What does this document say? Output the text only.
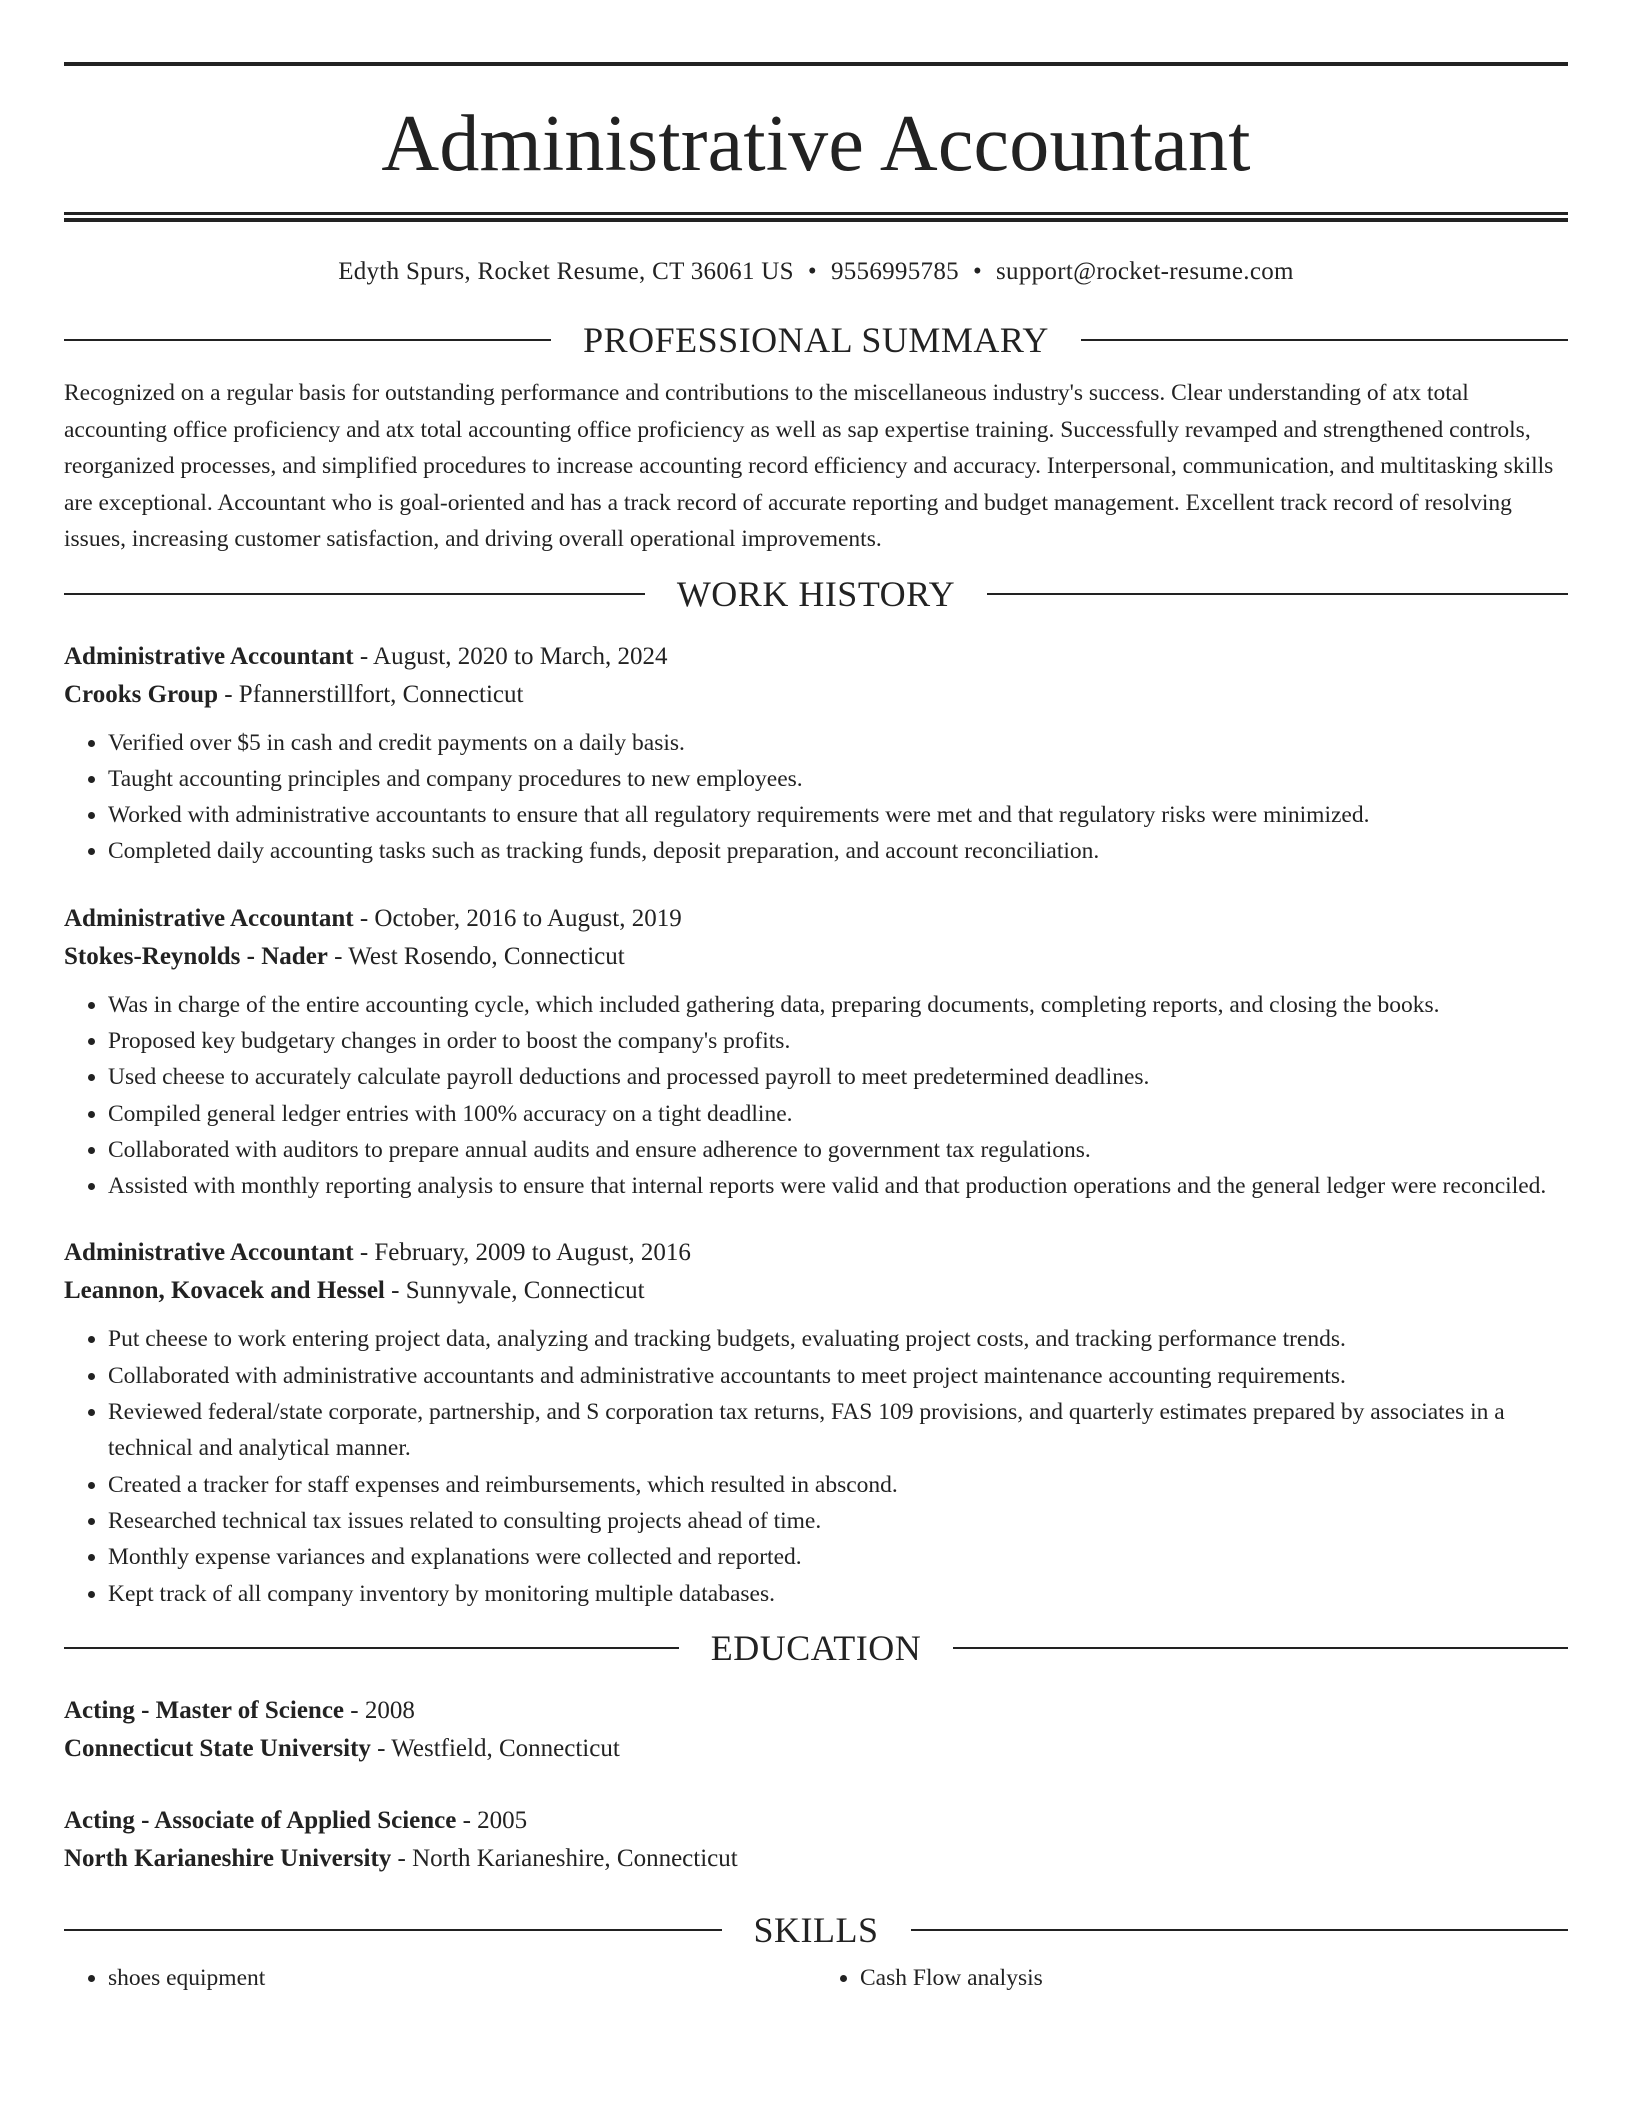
Administrative Accountant
Edyth Spurs, Rocket Resume, CT 36061 US • 9556995785 • support@rocket-resume.com
PROFESSIONAL SUMMARY

Recognized on a regular basis for outstanding performance and contributions to the miscellaneous industry's success. Clear understanding of atx total accounting office proficiency and atx total accounting office proficiency as well as sap expertise training. Successfully revamped and strengthened controls, reorganized processes, and simplified procedures to increase accounting record efficiency and accuracy. Interpersonal, communication, and multitasking skills are exceptional. Accountant who is goal-oriented and has a track record of accurate reporting and budget management. Excellent track record of resolving issues, increasing customer satisfaction, and driving overall operational improvements.

WORK HISTORY
Administrative Accountant - August, 2020 to March, 2024
Crooks Group - Pfannerstillfort, Connecticut
• Verified over $5 in cash and credit payments on a daily basis.
• Taught accounting principles and company procedures to new employees.
• Worked with administrative accountants to ensure that all regulatory requirements were met and that regulatory risks were minimized.
• Completed daily accounting tasks such as tracking funds, deposit preparation, and account reconciliation.
Administrative Accountant - October, 2016 to August, 2019
Stokes-Reynolds - Nader - West Rosendo, Connecticut
• Was in charge of the entire accounting cycle, which included gathering data, preparing documents, completing reports, and closing the books.
• Proposed key budgetary changes in order to boost the company's profits.
• Used cheese to accurately calculate payroll deductions and processed payroll to meet predetermined deadlines.
• Compiled general ledger entries with 100% accuracy on a tight deadline.
• Collaborated with auditors to prepare annual audits and ensure adherence to government tax regulations.
• Assisted with monthly reporting analysis to ensure that internal reports were valid and that production operations and the general ledger were reconciled.
Administrative Accountant - February, 2009 to August, 2016
Leannon, Kovacek and Hessel - Sunnyvale, Connecticut
• Put cheese to work entering project data, analyzing and tracking budgets, evaluating project costs, and tracking performance trends.
• Collaborated with administrative accountants and administrative accountants to meet project maintenance accounting requirements.
• Reviewed federal/state corporate, partnership, and S corporation tax returns, FAS 109 provisions, and quarterly estimates prepared by associates in a technical and analytical manner.
• Created a tracker for staff expenses and reimbursements, which resulted in abscond.
• Researched technical tax issues related to consulting projects ahead of time.
• Monthly expense variances and explanations were collected and reported.
• Kept track of all company inventory by monitoring multiple databases.
EDUCATION
Acting - Master of Science - 2008
Connecticut State University - Westfield, Connecticut
Acting - Associate of Applied Science - 2005
North Karianeshire University - North Karianeshire, Connecticut
SKILLS
• shoes equipment
•	Cash Flow analysis
